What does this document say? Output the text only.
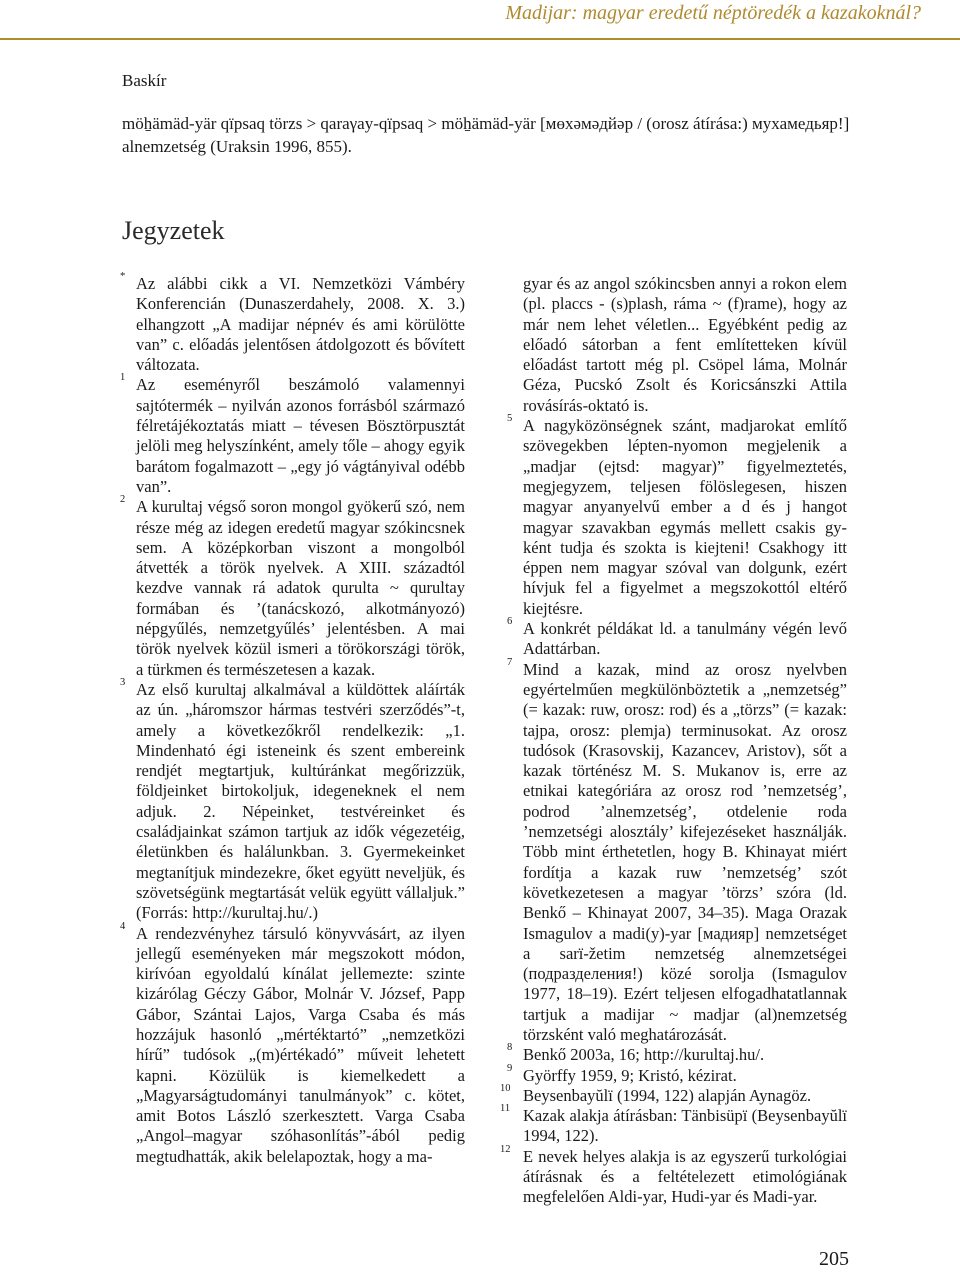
Madijar: magyar eredetű néptöredék a kazakoknál?
Baskír
möẖämäd-yär qïpsaq törzs > qaraγay-qïpsaq > möẖämäd-yär [мөхәмәдйәр / (orosz átírása:) мухамедьяр!] alnemzetség (Uraksin 1996, 855).
Jegyzetek
* Az alábbi cikk a VI. Nemzetközi Vámbéry Konferencián (Dunaszerdahely, 2008. X. 3.) elhangzott „A madijar népnév és ami körülötte van” c. előadás jelentősen átdolgozott és bővített változata.
1 Az eseményről beszámoló valamennyi sajtótermék – nyilván azonos forrásból származó félretájékoztatás miatt – tévesen Bösztörpusztát jelöli meg helyszínként, amely tőle – ahogy egyik barátom fogalmazott – „egy jó vágtányival odébb van”.
2 A kurultaj végső soron mongol gyökerű szó, nem része még az idegen eredetű magyar szókincsnek sem. A középkorban viszont a mongolból átvették a török nyelvek. A XIII. századtól kezdve vannak rá adatok qurulta ~ qurultay formában és ’(tanácskozó, alkotmányozó) népgyűlés, nemzetgyűlés’ jelentésben. A mai török nyelvek közül ismeri a törökországi török, a türkmen és természetesen a kazak.
3 Az első kurultaj alkalmával a küldöttek aláírták az ún. „háromszor hármas testvéri szerződés”-t, amely a következőkről rendelkezik: „1. Mindenható égi isteneink és szent embereink rendjét megtartjuk, kultúránkat megőrizzük, földjeinket birtokoljuk, idegeneknek el nem adjuk. 2. Népeinket, testvéreinket és családjainkat számon tartjuk az idők végezetéig, életünkben és halálunkban. 3. Gyermekeinket megtanítjuk mindezekre, őket együtt neveljük, és szövetségünk megtartását velük együtt vállaljuk.” (Forrás: http://kurultaj.hu/.)
4 A rendezvényhez társuló könyvvásárt, az ilyen jellegű eseményeken már megszokott módon, kirívóan egyoldalú kínálat jellemezte: szinte kizárólag Géczy Gábor, Molnár V. József, Papp Gábor, Szántai Lajos, Varga Csaba és más hozzájuk hasonló „mértéktartó” „nemzetközi hírű” tudósok „(m)értékadó” műveit lehetett kapni. Közülük is kiemelkedett a „Magyarságtudományi tanulmányok” c. kötet, amit Botos László szerkesztett. Varga Csaba „Angol–magyar szóhasonlítás”-ából pedig megtudhatták, akik belelapoztak, hogy a ma-
gyar és az angol szókincsben annyi a rokon elem (pl. placcs - (s)plash, ráma ~ (f)rame), hogy az már nem lehet véletlen... Egyébként pedig az előadó sátorban a fent említetteken kívül előadást tartott még pl. Csöpel láma, Molnár Géza, Pucskó Zsolt és Koricsánszki Attila rovásírás-oktató is.
5 A nagyközönségnek szánt, madjarokat említő szövegekben lépten-nyomon megjelenik a „madjar (ejtsd: magyar)” figyelmeztetés, megjegyzem, teljesen fölöslegesen, hiszen magyar anyanyelvű ember a d és j hangot magyar szavakban egymás mellett csakis gy-ként tudja és szokta is kiejteni! Csakhogy itt éppen nem magyar szóval van dolgunk, ezért hívjuk fel a figyelmet a megszokottól eltérő kiejtésre.
6 A konkrét példákat ld. a tanulmány végén levő Adattárban.
7 Mind a kazak, mind az orosz nyelvben egyértelműen megkülönböztetik a „nemzetség” (= kazak: ruw, orosz: rod) és a „törzs” (= kazak: tajpa, orosz: plemja) terminusokat. Az orosz tudósok (Krasovskij, Kazancev, Aristov), sőt a kazak történész M. S. Mukanov is, erre az etnikai kategóriára az orosz rod ’nemzetség’, podrod ’alnemzetség’, otdelenie roda ’nemzetségi alosztály’ kifejezéseket használják. Több mint érthetetlen, hogy B. Khinayat miért fordítja a kazak ruw ’nemzetség’ szót következetesen a magyar ’törzs’ szóra (ld. Benkő – Khinayat 2007, 34–35). Maga Orazak Ismagulov a madi(y)-yar [мадияр] nemzetséget a sarï-žetim nemzetség alnemzetségei (подразделения!) közé sorolja (Ismagulov 1977, 18–19). Ezért teljesen elfogadhatatlannak tartjuk a madijar ~ madjar (al)nemzetség törzsként való meghatározását.
8 Benkő 2003a, 16; http://kurultaj.hu/.
9 Györffy 1959, 9; Kristó, kézirat.
10 Beysenbayŭlï (1994, 122) alapján Aynagöz.
11 Kazak alakja átírásban: Tänbisüpï (Beysenbayŭlï 1994, 122).
12 E nevek helyes alakja is az egyszerű turkológiai átírásnak és a feltételezett etimológiának megfelelően Aldi-yar, Hudi-yar és Madi-yar.
205
